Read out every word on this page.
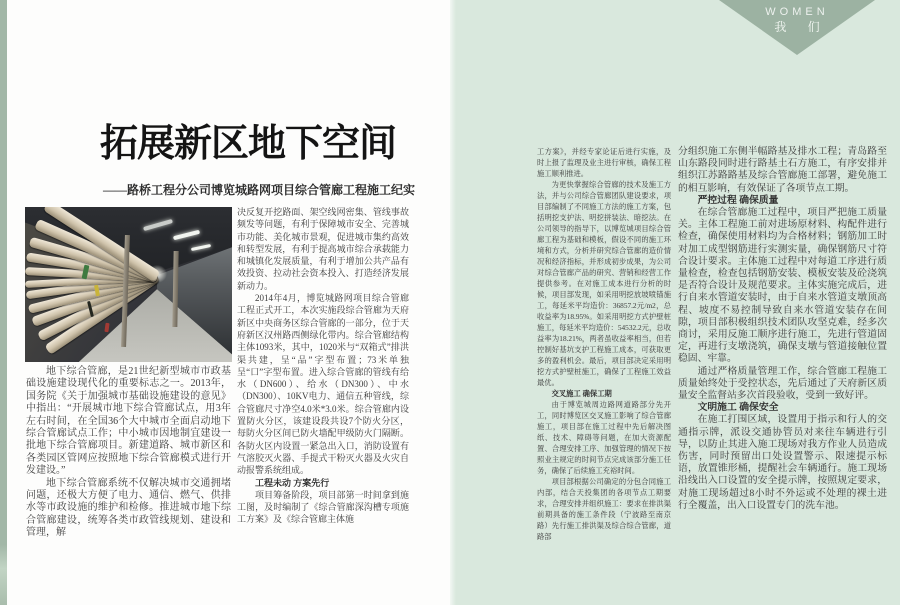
WOMEN
我 们
拓展新区地下空间
——路桥工程分公司博览城路网项目综合管廊工程施工纪实

地下综合管廊，是21世纪新型城市市政基础设施建设现代化的重要标志之一。2013年，国务院《关于加强城市基础设施建设的意见》中指出：“开展城市地下综合管廊试点，用3年左右时间，在全国36个大中城市全面启动地下综合管廊试点工作；中小城市因地制宜建设一批地下综合管廊项目。新建道路、城市新区和各类园区管网应按照地下综合管廊模式进行开发建设。”

地下综合管廊系统不仅解决城市交通拥堵问题，还极大方便了电力、通信、燃气、供排水等市政设施的维护和检修。推进城市地下综合管廊建设，统筹各类市政管线规划、建设和管理，解

决反复开挖路面、架空线网密集、管线事故频发等问题，有利于保障城市安全、完善城市功能、美化城市景观，促进城市集约高效和转型发展，有利于提高城市综合承载能力和城镇化发展质量，有利于增加公共产品有效投资、拉动社会资本投入、打造经济发展新动力。

2014年4月，博览城路网项目综合管廊工程正式开工，本次实施段综合管廊为天府新区中央商务区综合管廊的一部分，位于天府新区汉州路西侧绿化带内。综合管廊结构主体1093米，其中，1020米与“双箱式”排洪渠共建，呈“品”字型布置；73米单独呈“口”字型布置。进入综合管廊的管线有给水（DN600）、给水（DN300）、中水（DN300）、10KV电力、通信五种管线，综合管廊尺寸净空4.0米*3.0米。综合管廊内设置防火分区，该建设段共设7个防火分区，每防火分区间已防火墙配甲级防火门隔断。各防火区内设置一紧急出入口，消防设置有气溶胶灭火器、手提式干粉灭火器及火灾自动报警系统组成。

工程未动 方案先行

项目筹备阶段，项目部第一时间拿到施工图，及时编制了《综合管廊深沟槽专项施工方案》及《综合管廊主体施

工方案》，并经专家论证后进行实施，及时上报了监理及业主进行审核，确保工程施工顺利推进。

为更快掌握综合管廊的技术及施工方法，并与公司综合管廊团队建设要求，项目部编制了不同施工方法的施工方案，包括明挖支护法、明挖拼装法、暗挖法。在公司领导的指导下，以博览城项目综合管廊工程为基础和模板，假设不同的施工环境和方式，分析并研究综合管廊的造价情况和经济指标，并形成初步成果，为公司对综合管廊产品的研究、营销和经营工作提供参考。在对施工成本进行分析的时候，项目部发现，如采用明挖放坡喷锚施工，每延米平均造价：36857.2元/m2，总收益率为18.95%。如采用明挖方式护壁桩施工，每延米平均造价：54532.2元，总收益率为18.21%，两者虽收益率相当，但若控制好基坑支护工程施工成本，可获取更多的盈利机会。最后，项目部决定采用明挖方式护壁桩施工，确保了工程施工效益最优。

交叉施工 确保工期

由于博览城周边路网道路部分先开工，同时博览区交叉施工影响了综合管廊施工，项目部在施工过程中先后解决图纸、技术、障碍等问题，在加大资源配置、合理安排工序、加强管理的情况下按照业主规定的时间节点完成该部分施工任务，确保了后续施工充裕时间。

项目部根据公司确定的分包合同施工内部，结合天投集团的各项节点工期要求，合理安排并组织施工：要求在排洪渠前期具备的施工条件段（宁波路至南京路）先行施工排洪渠及综合综合管廊，道路部

分组织施工东侧半幅路基及排水工程；青岛路至山东路段同时进行路基土石方施工，有序安排并组织江苏路路基及综合管廊施工部署，避免施工的相互影响，有效保证了各项节点工期。

严控过程 确保质量

在综合管廊施工过程中，项目严把施工质量关。主体工程施工前对进场原材料、构配件进行检查，确保使用材料均为合格材料；钢筋加工时对加工成型钢筋进行实测实量，确保钢筋尺寸符合设计要求。主体施工过程中对每道工序进行质量检查，检查包括钢筋安装、模板安装及砼浇筑是否符合设计及规范要求。主体实施完成后，进行自来水管道安装时，由于自来水管道支墩顶高程、坡度不易控制导致自来水管道安装存在间隙，项目部积极组织技术团队攻坚克难，经多次商讨，采用反施工顺序进行施工，先进行管道固定，再进行支墩浇筑，确保支墩与管道接触位置稳固、牢靠。

通过严格质量管理工作，综合管廊工程施工质量始终处于受控状态，先后通过了天府新区质量安全监督站多次首段验收，受到一致好评。

文明施工 确保安全

在施工打围区域，设置用于指示和行人的交通指示牌，派设交通协管员对来往车辆进行引导，以防止其进入施工现场对我方作业人员造成伤害，同时预留出口处设置警示、限速提示标语，放置锥形桶，提醒社会车辆通行。施工现场沿线出入口设置的安全提示牌，按照规定要求，对施工现场超过8小时不外运或不处理的裸土进行全覆盖，出入口设置专门的洗车池。
